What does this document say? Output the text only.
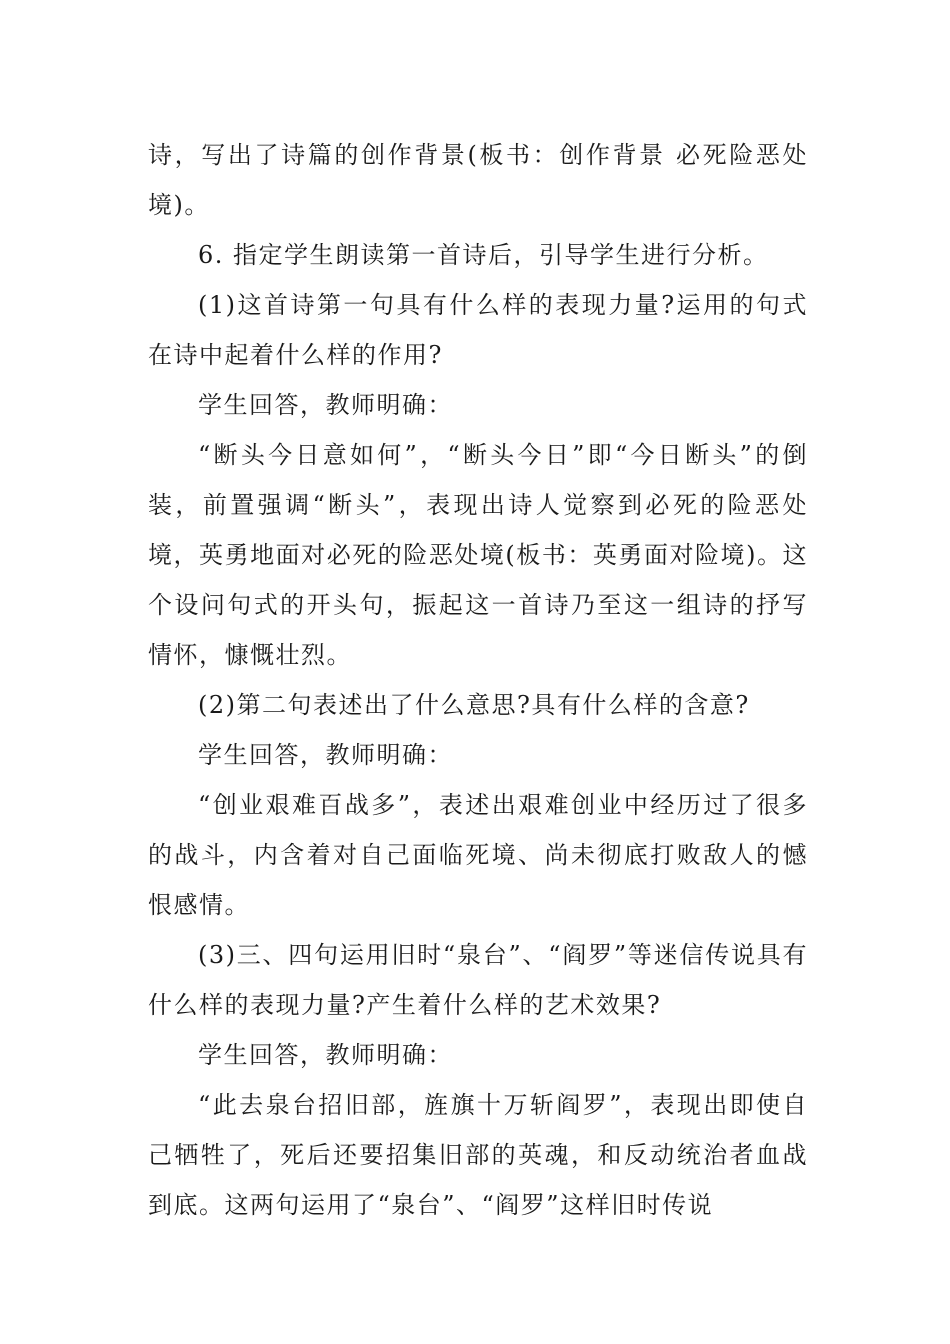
诗，写出了诗篇的创作背景(板书：创作背景 必死险恶处境)。

6. 指定学生朗读第一首诗后，引导学生进行分析。

(1)这首诗第一句具有什么样的表现力量?运用的句式在诗中起着什么样的作用?

学生回答，教师明确：

“断头今日意如何”，“断头今日”即“今日断头”的倒装，前置强调“断头”，表现出诗人觉察到必死的险恶处境，英勇地面对必死的险恶处境(板书：英勇面对险境)。这个设问句式的开头句，振起这一首诗乃至这一组诗的抒写情怀，慷慨壮烈。

(2)第二句表述出了什么意思?具有什么样的含意?

学生回答，教师明确：

“创业艰难百战多”，表述出艰难创业中经历过了很多的战斗，内含着对自己面临死境、尚未彻底打败敌人的憾恨感情。

(3)三、四句运用旧时“泉台”、“阎罗”等迷信传说具有什么样的表现力量?产生着什么样的艺术效果?

学生回答，教师明确：

“此去泉台招旧部，旌旗十万斩阎罗”，表现出即使自己牺牲了，死后还要招集旧部的英魂，和反动统治者血战到底。这两句运用了“泉台”、“阎罗”这样旧时传说
